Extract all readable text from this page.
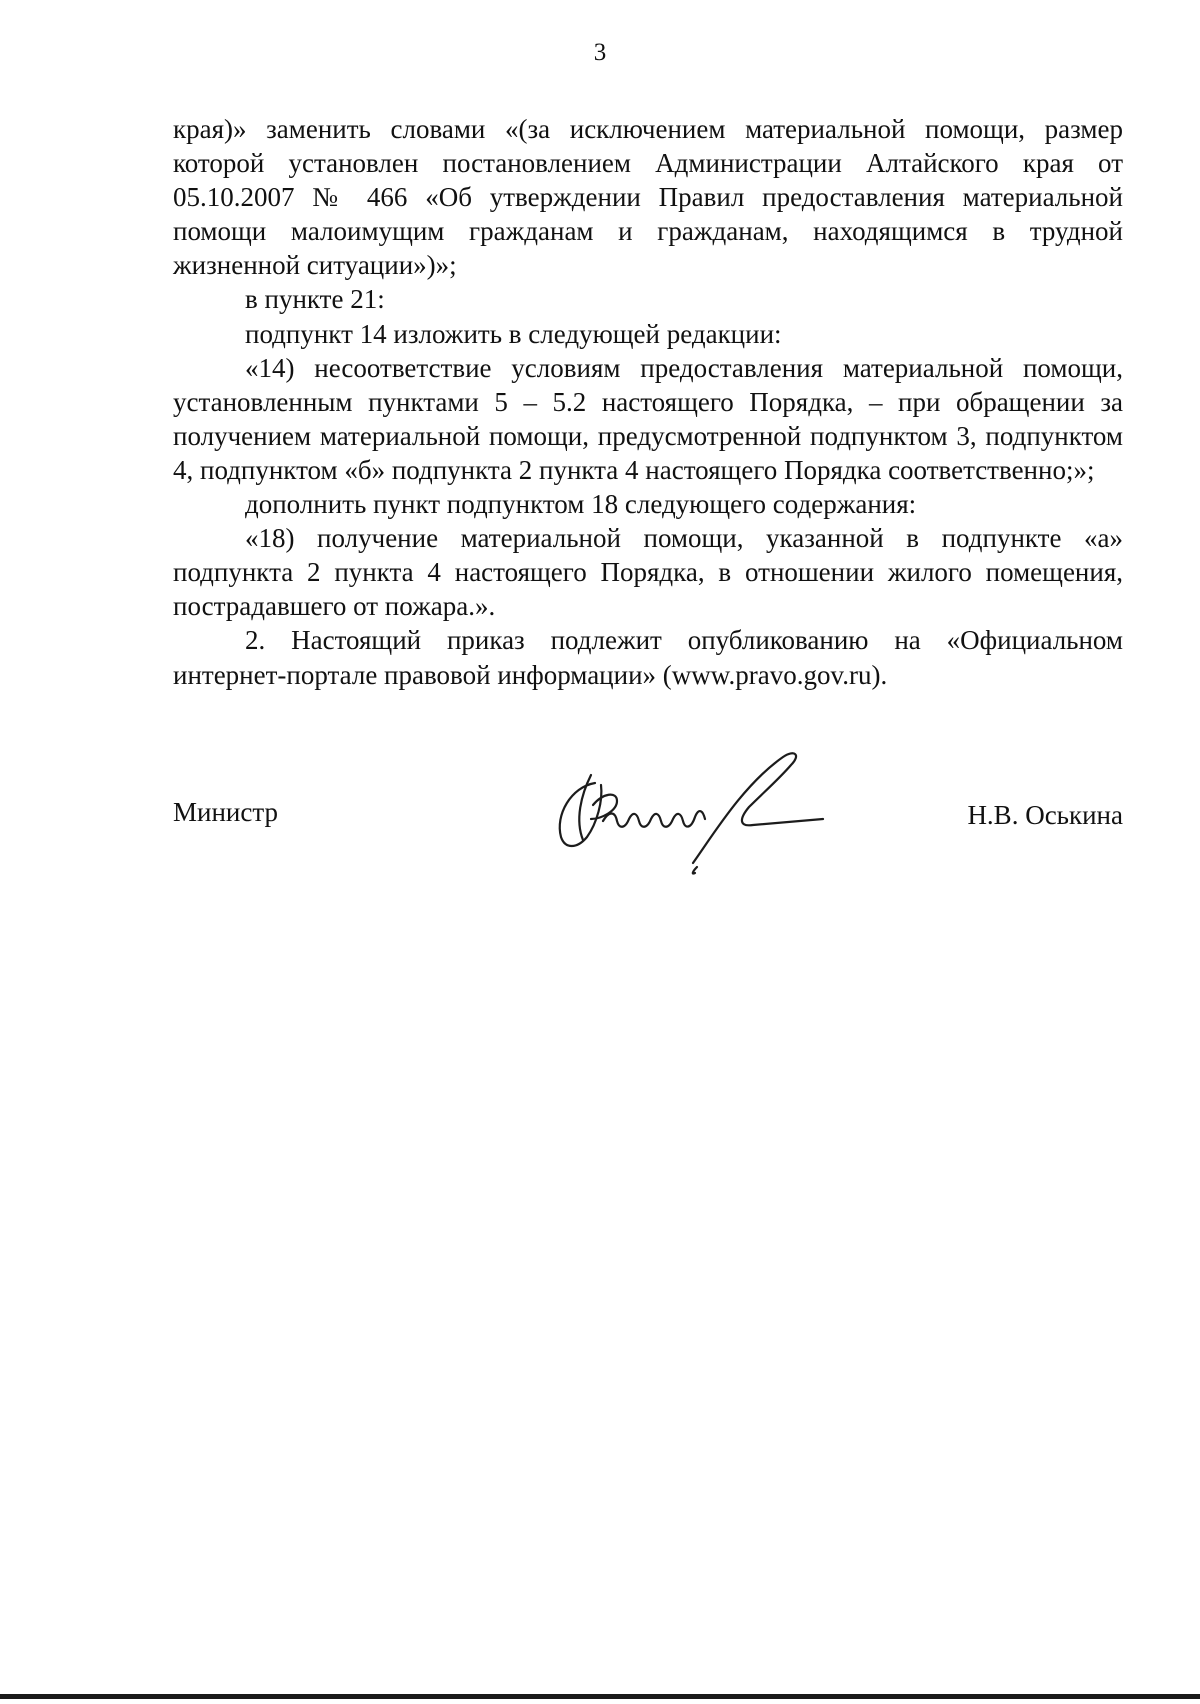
3

края)» заменить словами «(за исключением материальной помощи, размер которой установлен постановлением Администрации Алтайского края от 05.10.2007 № 466 «Об утверждении Правил предоставления материальной помощи малоимущим гражданам и гражданам, находящимся в трудной жизненной ситуации»)»;

в пункте 21:

подпункт 14 изложить в следующей редакции:

«14) несоответствие условиям предоставления материальной помощи, установленным пунктами 5 – 5.2 настоящего Порядка, – при обращении за получением материальной помощи, предусмотренной подпунктом 3, подпунктом 4, подпунктом «б» подпункта 2 пункта 4 настоящего Порядка соответственно;»;

дополнить пункт подпунктом 18 следующего содержания:

«18) получение материальной помощи, указанной в подпункте «а» подпункта 2 пункта 4 настоящего Порядка, в отношении жилого помещения, пострадавшего от пожара.».

2. Настоящий приказ подлежит опубликованию на «Официальном интернет-портале правовой информации» (www.pravo.gov.ru).

Министр	Н.В. Оськина
